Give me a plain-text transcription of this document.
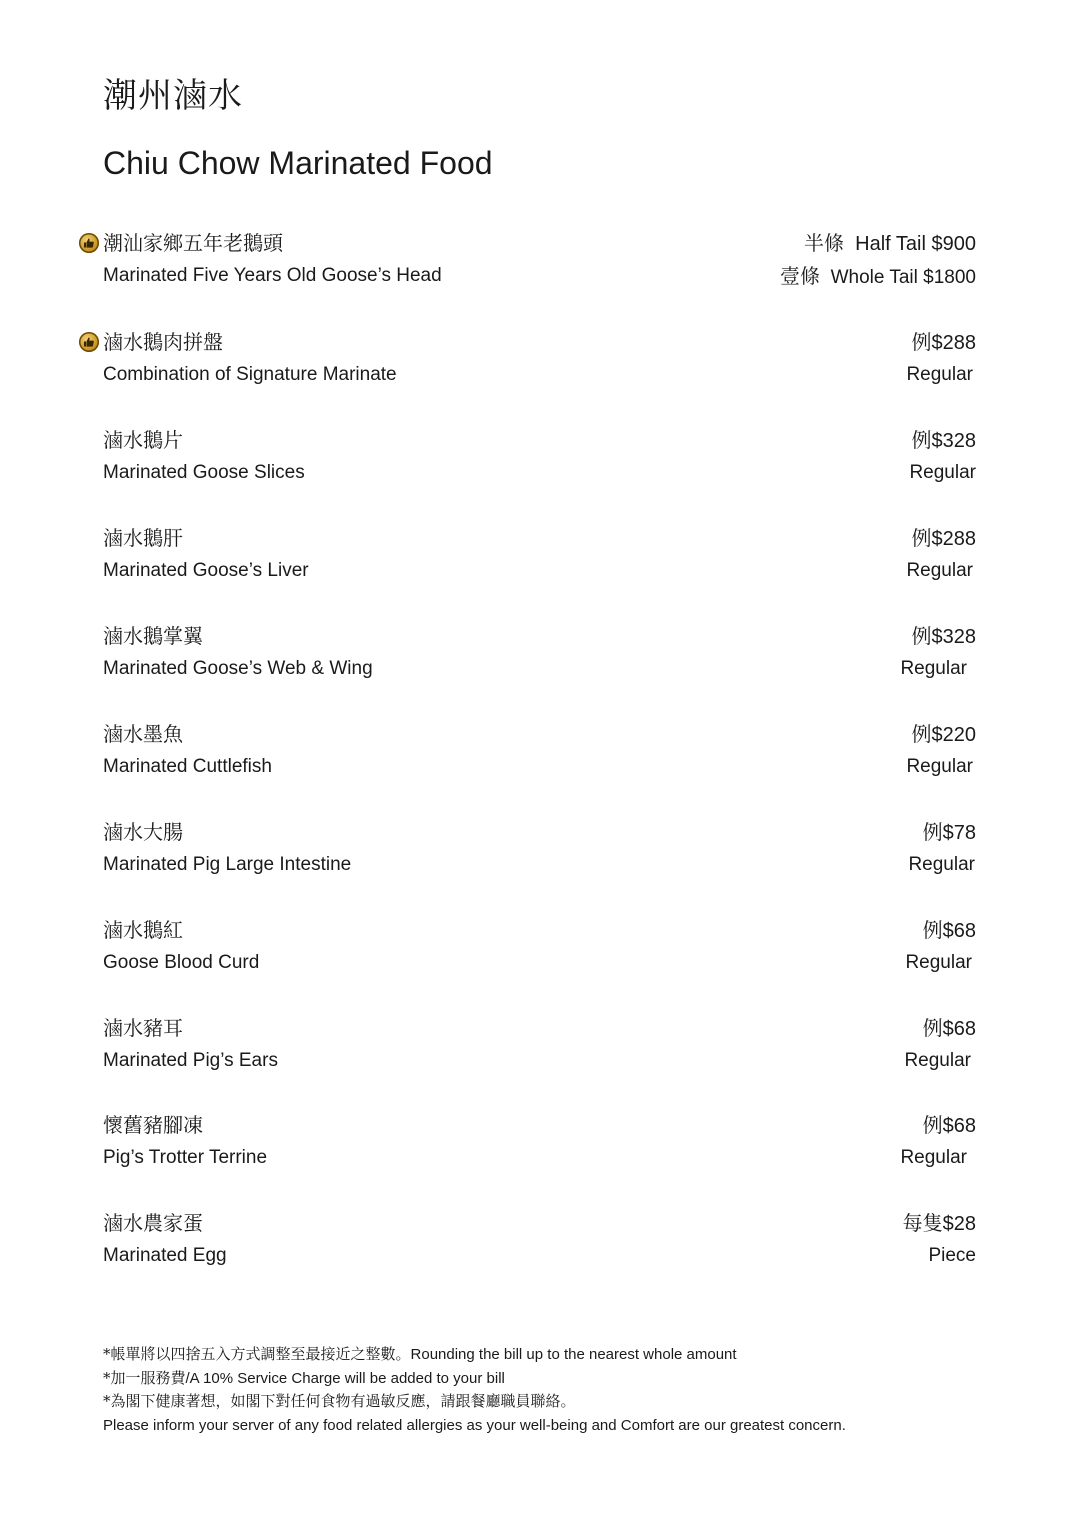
潮州滷水
Chiu Chow Marinated Food
潮汕家鄉五年老鵝頭
Marinated Five Years Old Goose’s Head
半條 Half Tail $900
壹條 Whole Tail $1800
滷水鵝肉拼盤
Combination of Signature Marinate
例$288
Regular
滷水鵝片
Marinated Goose Slices
例$328
Regular
滷水鵝肝
Marinated Goose’s Liver
例$288
Regular
滷水鵝掌翼
Marinated Goose’s Web & Wing
例$328
Regular
滷水墨魚
Marinated Cuttlefish
例$220
Regular
滷水大腸
Marinated Pig Large Intestine
例$78
Regular
滷水鵝紅
Goose Blood Curd
例$68
Regular
滷水豬耳
Marinated Pig’s Ears
例$68
Regular
懷舊豬腳凍
Pig’s Trotter Terrine
例$68
Regular
滷水農家蛋
Marinated Egg
每隻$28
Piece
*帳單將以四捨五入方式調整至最接近之整數。Rounding the bill up to the nearest whole amount
*加一服務費/A 10% Service Charge will be added to your bill
*為閣下健康著想，如閣下對任何食物有過敏反應，請跟餐廳職員聯絡。
Please inform your server of any food related allergies as your well-being and Comfort are our greatest concern.
